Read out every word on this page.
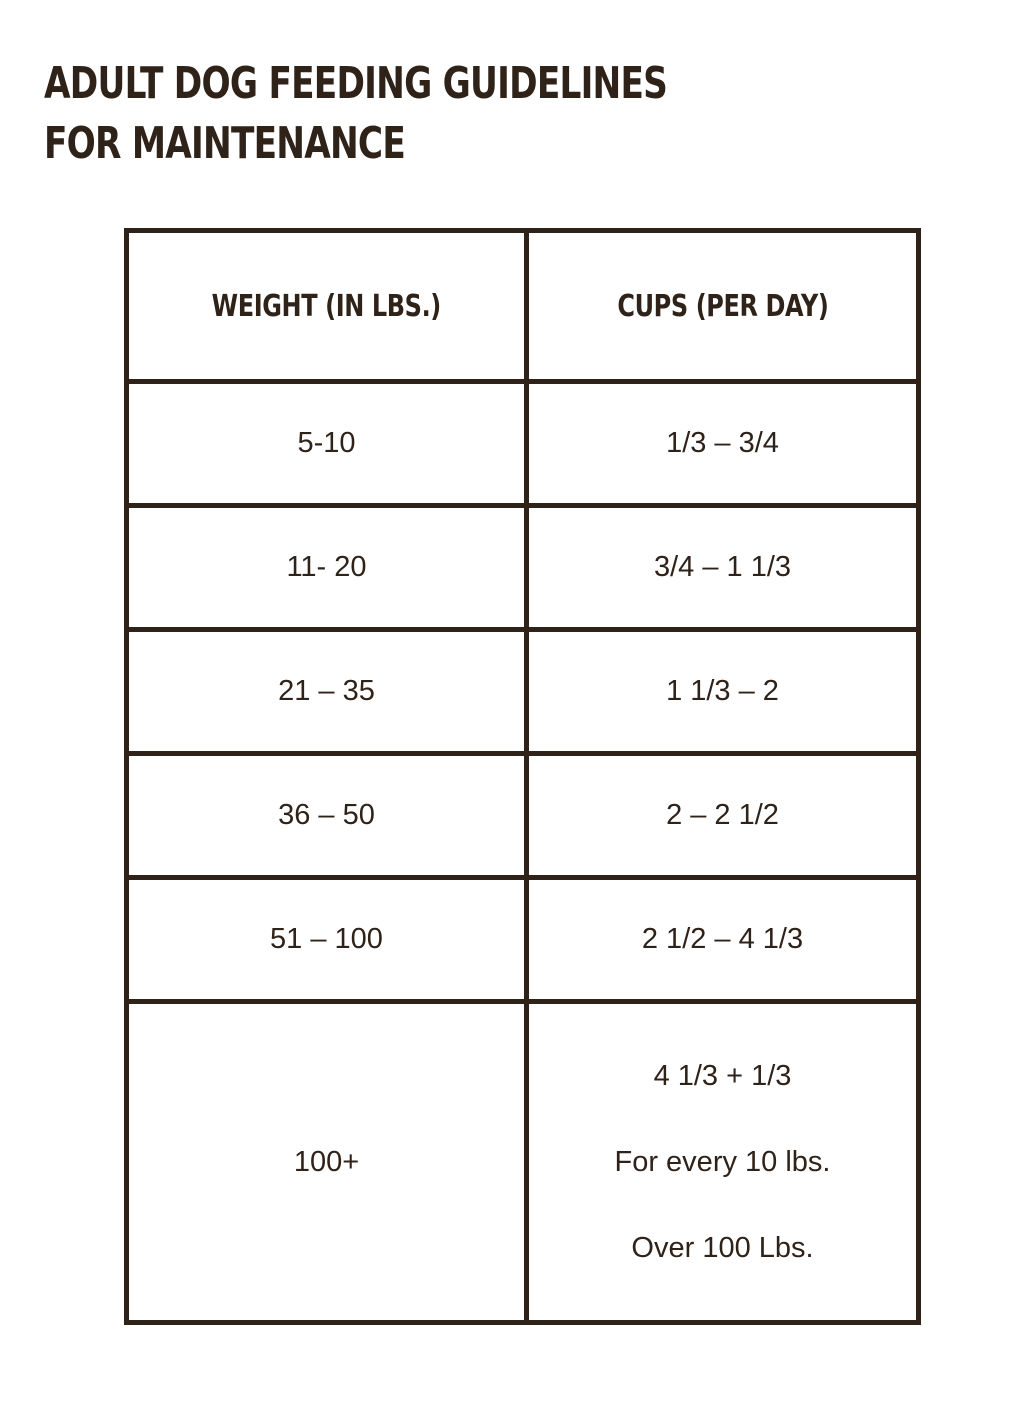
ADULT DOG FEEDING GUIDELINES FOR MAINTENANCE
WEIGHT (IN LBS.)	CUPS (PER DAY)
5-10	1/3 – 3/4
11- 20	3/4 – 1 1/3
21 – 35	1 1/3 – 2
36 – 50	2 – 2 1/2
51 – 100	2 1/2 – 4 1/3
100+	4 1/3 + 1/3
For every 10 lbs.
Over 100 Lbs.
